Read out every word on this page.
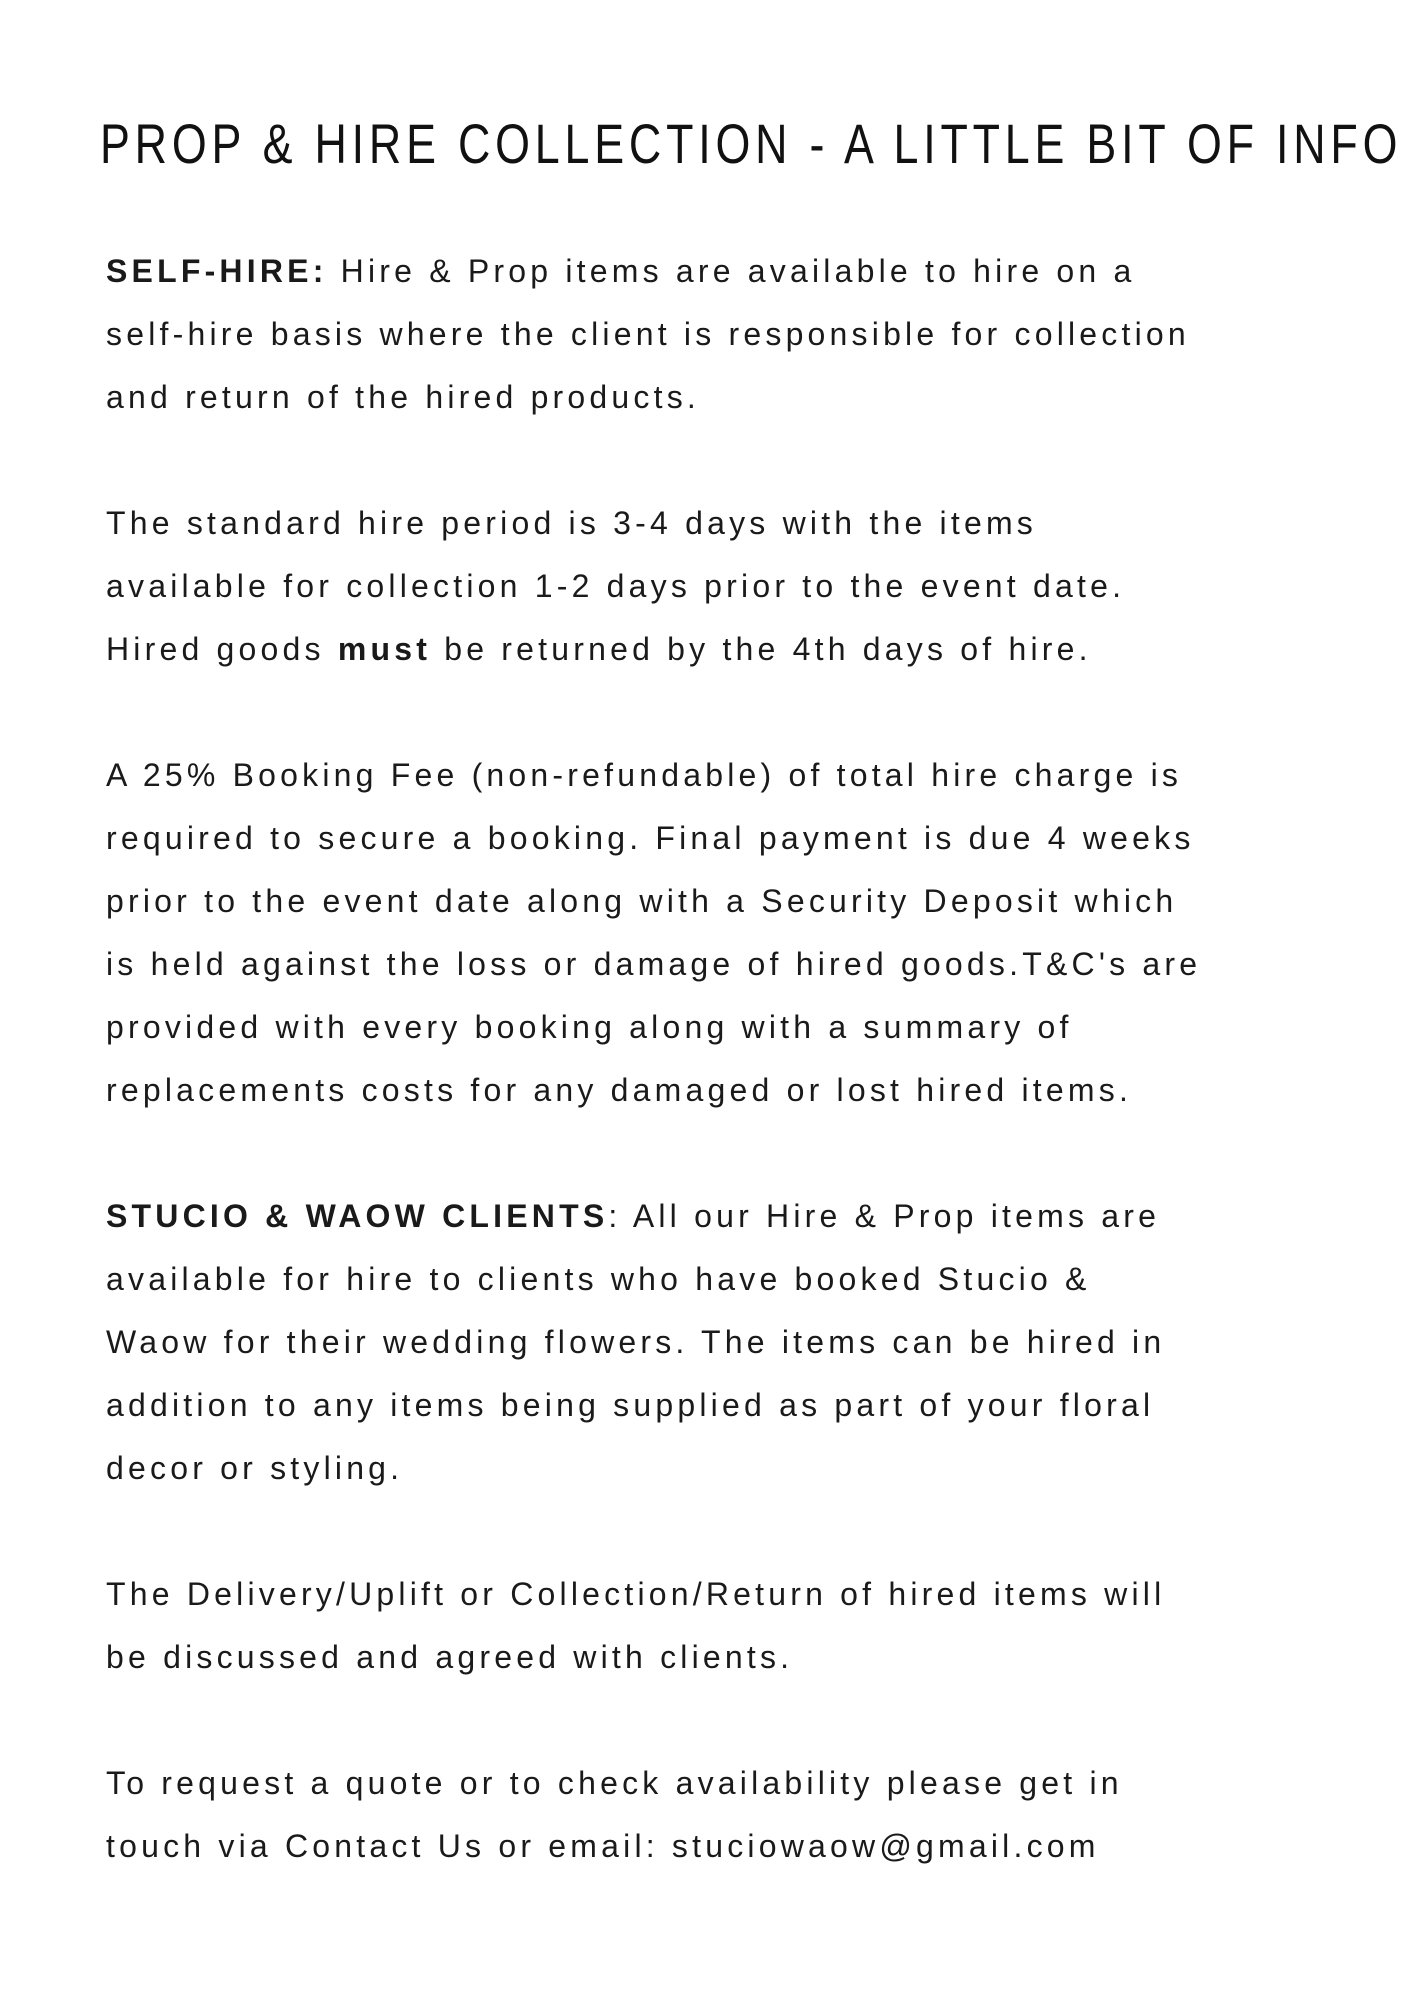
PROP & HIRE COLLECTION - A LITTLE BIT OF INFO

SELF-HIRE: Hire & Prop items are available to hire on a
self-hire basis where the client is responsible for collection
and return of the hired products.

The standard hire period is 3-4 days with the items
available for collection 1-2 days prior to the event date.
Hired goods must be returned by the 4th days of hire.

A 25% Booking Fee (non-refundable) of total hire charge is
required to secure a booking. Final payment is due 4 weeks
prior to the event date along with a Security Deposit which
is held against the loss or damage of hired goods.T&C's are
provided with every booking along with a summary of
replacements costs for any damaged or lost hired items.

STUCIO & WAOW CLIENTS: All our Hire & Prop items are
available for hire to clients who have booked Stucio &
Waow for their wedding flowers. The items can be hired in
addition to any items being supplied as part of your floral
decor or styling.

The Delivery/Uplift or Collection/Return of hired items will
be discussed and agreed with clients.

To request a quote or to check availability please get in
touch via Contact Us or email: stuciowaow@gmail.com
